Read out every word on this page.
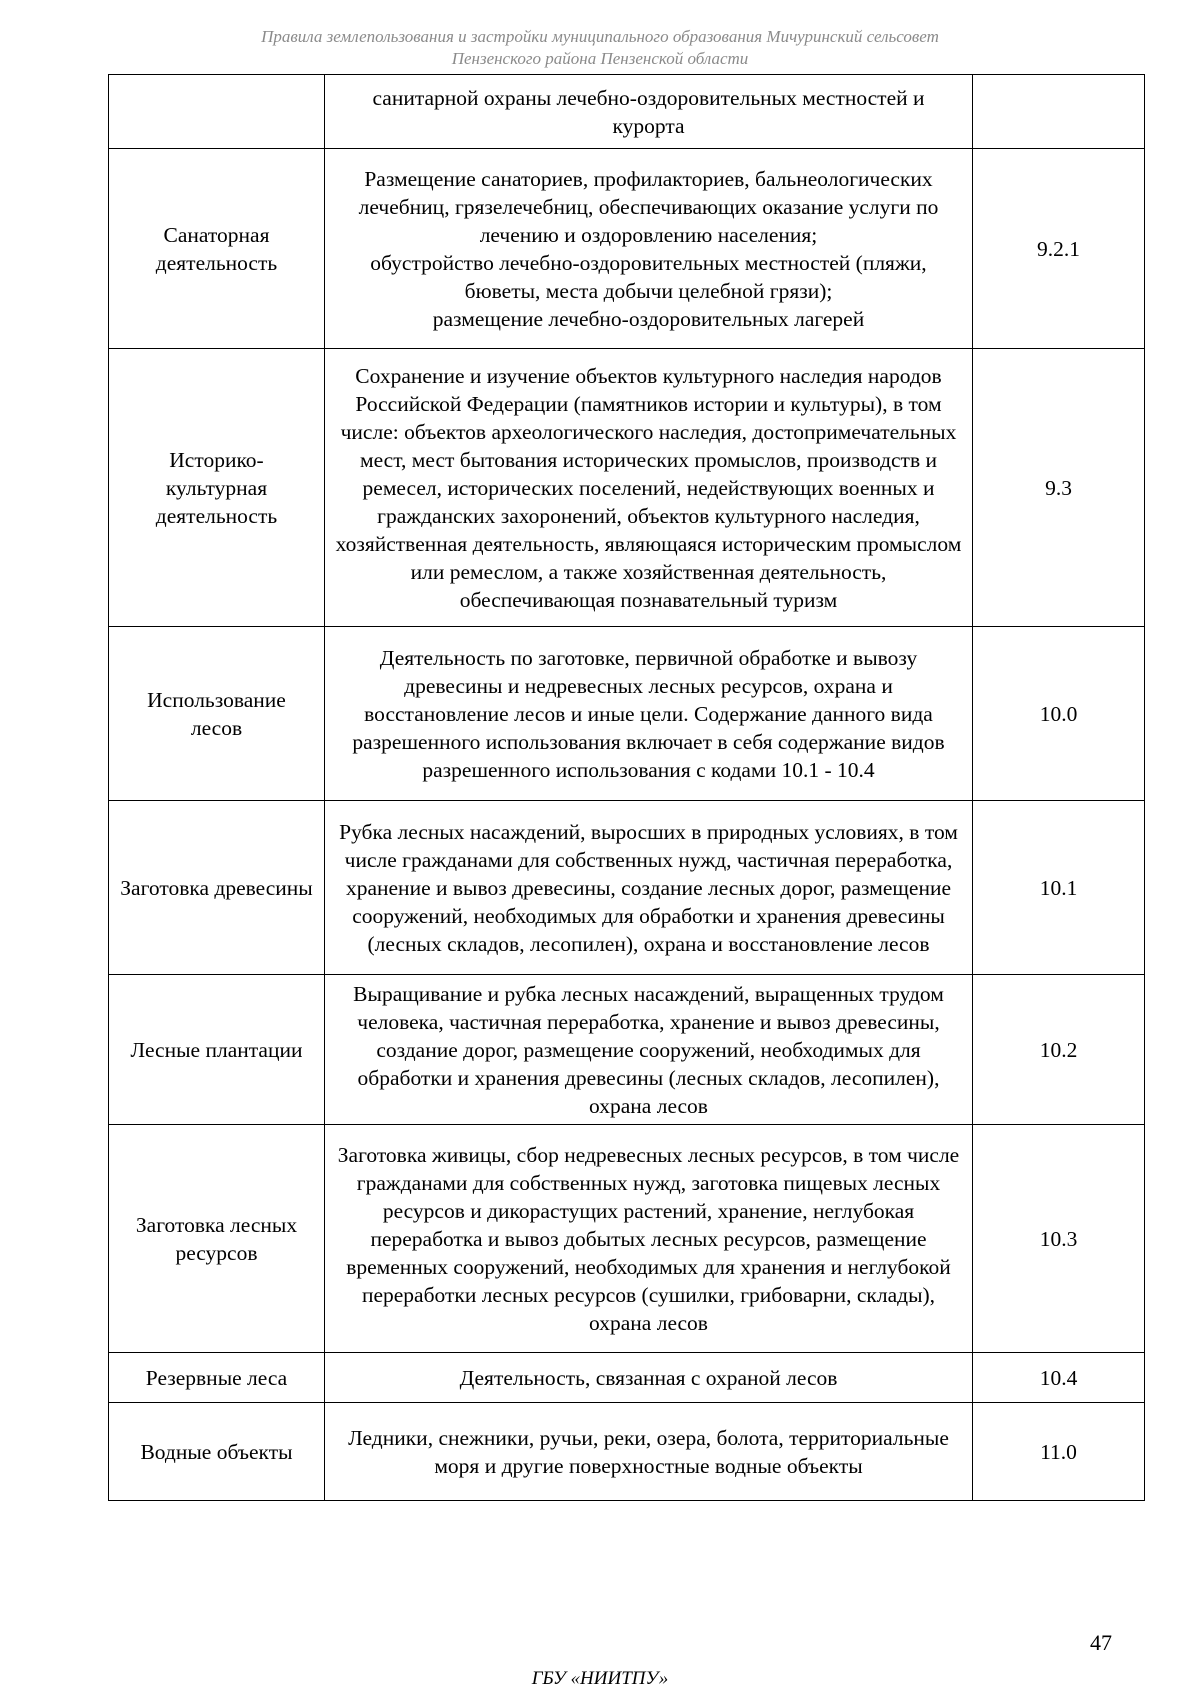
Правила землепользования и застройки муниципального образования Мичуринский сельсовет
Пензенского района Пензенской области

	санитарной охраны лечебно-оздоровительных местностей и курорта	

Санаторная деятельность	Размещение санаториев, профилакториев, бальнеологических лечебниц, грязелечебниц, обеспечивающих оказание услуги по лечению и оздоровлению населения;
обустройство лечебно-оздоровительных местностей (пляжи, бюветы, места добычи целебной грязи);
размещение лечебно-оздоровительных лагерей	9.2.1
Историко-культурная деятельность	Сохранение и изучение объектов культурного наследия народов Российской Федерации (памятников истории и культуры), в том числе: объектов археологического наследия, достопримечательных мест, мест бытования исторических промыслов, производств и ремесел, исторических поселений, недействующих военных и гражданских захоронений, объектов культурного наследия, хозяйственная деятельность, являющаяся историческим промыслом или ремеслом, а также хозяйственная деятельность, обеспечивающая познавательный туризм	9.3
Использование лесов	Деятельность по заготовке, первичной обработке и вывозу древесины и недревесных лесных ресурсов, охрана и восстановление лесов и иные цели. Содержание данного вида разрешенного использования включает в себя содержание видов разрешенного использования с кодами 10.1 - 10.4	10.0
Заготовка древесины	Рубка лесных насаждений, выросших в природных условиях, в том числе гражданами для собственных нужд, частичная переработка, хранение и вывоз древесины, создание лесных дорог, размещение сооружений, необходимых для обработки и хранения древесины (лесных складов, лесопилен), охрана и восстановление лесов	10.1
Лесные плантации	Выращивание и рубка лесных насаждений, выращенных трудом человека, частичная переработка, хранение и вывоз древесины, создание дорог, размещение сооружений, необходимых для обработки и хранения древесины (лесных складов, лесопилен), охрана лесов	10.2
Заготовка лесных ресурсов	Заготовка живицы, сбор недревесных лесных ресурсов, в том числе гражданами для собственных нужд, заготовка пищевых лесных ресурсов и дикорастущих растений, хранение, неглубокая переработка и вывоз добытых лесных ресурсов, размещение временных сооружений, необходимых для хранения и неглубокой переработки лесных ресурсов (сушилки, грибоварни, склады), охрана лесов	10.3
Резервные леса	Деятельность, связанная с охраной лесов	10.4
Водные объекты	Ледники, снежники, ручьи, реки, озера, болота, территориальные моря и другие поверхностные водные объекты	11.0
47
ГБУ «НИИТПУ»
